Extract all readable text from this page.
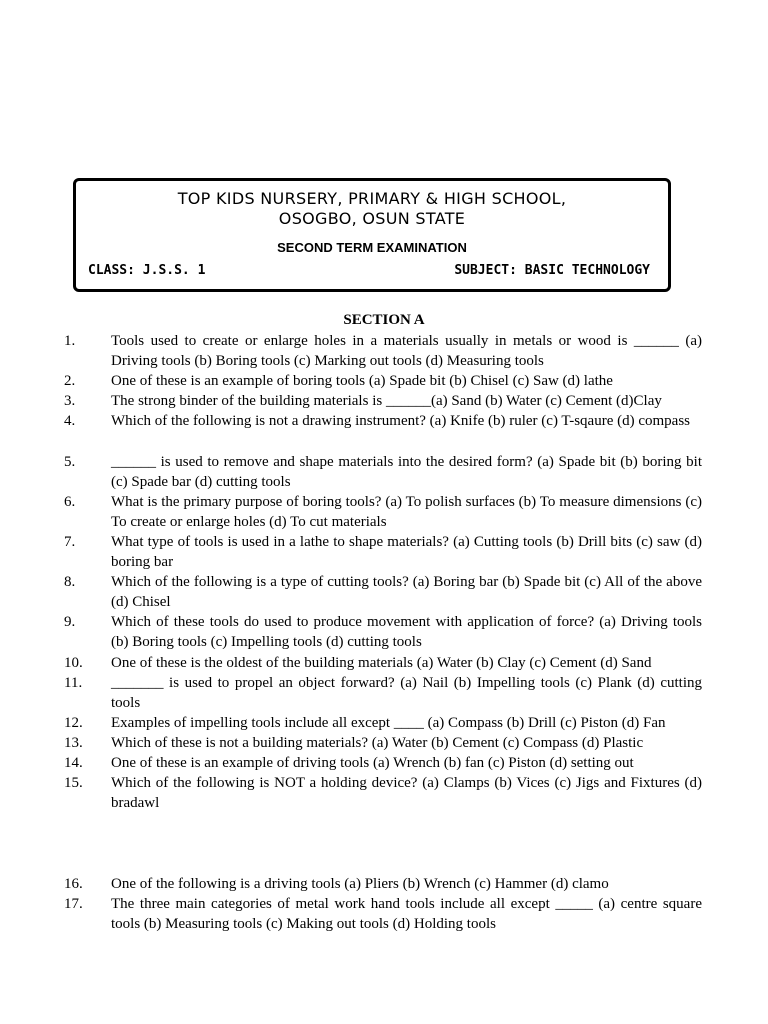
TOP KIDS NURSERY, PRIMARY & HIGH SCHOOL,
OSOGBO, OSUN STATE
SECOND TERM EXAMINATION
CLASS: J.S.S. 1	SUBJECT: BASIC TECHNOLOGY
SECTION A
1. Tools used to create or enlarge holes in a materials usually in metals or wood is ______ (a) Driving tools (b) Boring tools (c) Marking out tools (d) Measuring tools
2. One of these is an example of boring tools (a) Spade bit (b) Chisel (c) Saw (d) lathe
3. The strong binder of the building materials is ______(a) Sand (b) Water (c) Cement (d)Clay
4. Which of the following is not a drawing instrument? (a) Knife (b) ruler (c) T-sqaure (d) compass
5. ______ is used to remove and shape materials into the desired form? (a) Spade bit (b) boring bit (c) Spade bar (d) cutting tools
6. What is the primary purpose of boring tools? (a) To polish surfaces (b) To measure dimensions (c) To create or enlarge holes (d) To cut materials
7. What type of tools is used in a lathe to shape materials? (a) Cutting tools (b) Drill bits (c) saw (d) boring bar
8. Which of the following is a type of cutting tools? (a) Boring bar (b) Spade bit (c) All of the above (d) Chisel
9. Which of these tools do used to produce movement with application of force? (a) Driving tools (b) Boring tools (c) Impelling tools (d) cutting tools
10. One of these is the oldest of the building materials (a) Water (b) Clay (c) Cement (d) Sand
11. _______ is used to propel an object forward? (a) Nail (b) Impelling tools (c) Plank (d) cutting tools
12. Examples of impelling tools include all except ____ (a) Compass (b) Drill (c) Piston (d) Fan
13. Which of these is not a building materials? (a) Water (b) Cement (c) Compass (d) Plastic
14. One of these is an example of driving tools (a) Wrench (b) fan (c) Piston (d) setting out
15. Which of the following is NOT a holding device? (a) Clamps (b) Vices (c) Jigs and Fixtures (d) bradawl
16. One of the following is a driving tools (a) Pliers (b) Wrench (c) Hammer (d) clamo
17. The three main categories of metal work hand tools include all except _____ (a) centre square tools (b) Measuring tools (c) Making out tools (d) Holding tools
